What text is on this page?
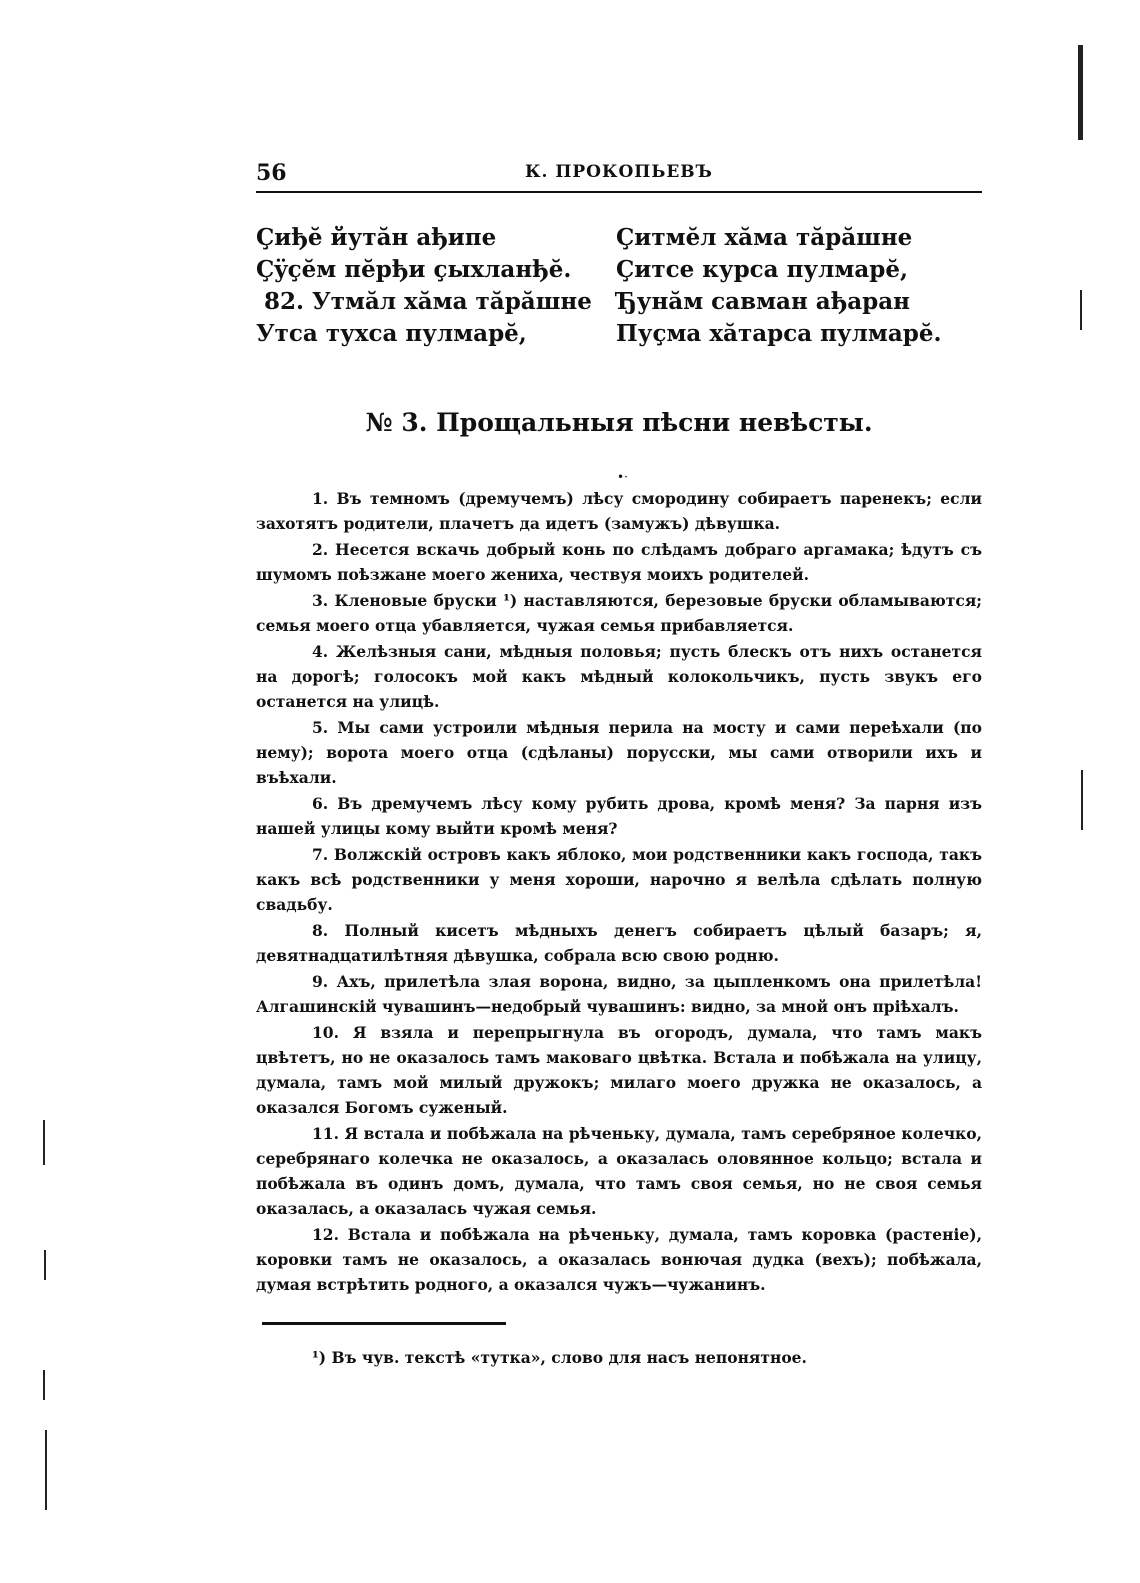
56	К. ПРОКОПЬЕВЪ
Çиђĕ йутăн ађипе
Çÿçĕм пĕрђи çыхланђĕ.
82. Утмăл хăма тăрăшне
Утса тухса пулмарĕ,
Çитмĕл хăма тăрăшне
Çитсе курса пулмарĕ,
Ђунăм савман ађаран
Пуçма хăтарса пулмарĕ.
№ 3. Прощальныя пѣсни невѣсты.
•·

1. Въ темномъ (дремучемъ) лѣсу смородину собираетъ паренекъ; если захотятъ родители, плачетъ да идетъ (замужъ) дѣвушка.

2. Несется вскачь добрый конь по слѣдамъ добраго аргамака; ѣдутъ съ шумомъ поѣзжане моего жениха, чествуя моихъ родителей.

3. Кленовые бруски ¹) наставляются, березовые бруски обламываются; семья моего отца убавляется, чужая семья прибавляется.

4. Желѣзныя сани, мѣдныя половья; пусть блескъ отъ нихъ останется на дорогѣ; голосокъ мой какъ мѣдный колокольчикъ, пусть звукъ его останется на улицѣ.

5. Мы сами устроили мѣдныя перила на мосту и сами переѣхали (по нему); ворота моего отца (сдѣланы) порусски, мы сами отворили ихъ и въѣхали.

6. Въ дремучемъ лѣсу кому рубить дрова, кромѣ меня? За парня изъ нашей улицы кому выйти кромѣ меня?

7. Волжскій островъ какъ яблоко, мои родственники какъ господа, такъ какъ всѣ родственники у меня хороши, нарочно я велѣла сдѣлать полную свадьбу.

8. Полный кисетъ мѣдныхъ денегъ собираетъ цѣлый базаръ; я, девятнадцатилѣтняя дѣвушка, собрала всю свою родню.

9. Ахъ, прилетѣла злая ворона, видно, за цыпленкомъ она прилетѣла! Алгашинскій чувашинъ—недобрый чувашинъ: видно, за мной онъ пріѣхалъ.

10. Я взяла и перепрыгнула въ огородъ, думала, что тамъ макъ цвѣтетъ, но не оказалось тамъ маковаго цвѣтка. Встала и побѣжала на улицу, думала, тамъ мой милый дружокъ; милаго моего дружка не оказалось, а оказался Богомъ суженый.

11. Я встала и побѣжала на рѣченьку, думала, тамъ серебряное колечко, серебрянаго колечка не оказалось, а оказалась оловянное кольцо; встала и побѣжала въ одинъ домъ, думала, что тамъ своя семья, но не своя семья оказалась, а оказалась чужая семья.

12. Встала и побѣжала на рѣченьку, думала, тамъ коровка (растеніе), коровки тамъ не оказалось, а оказалась вонючая дудка (вехъ); побѣжала, думая встрѣтить родного, а оказался чужъ—чужанинъ.

¹) Въ чув. текстѣ «тутка», слово для насъ непонятное.
